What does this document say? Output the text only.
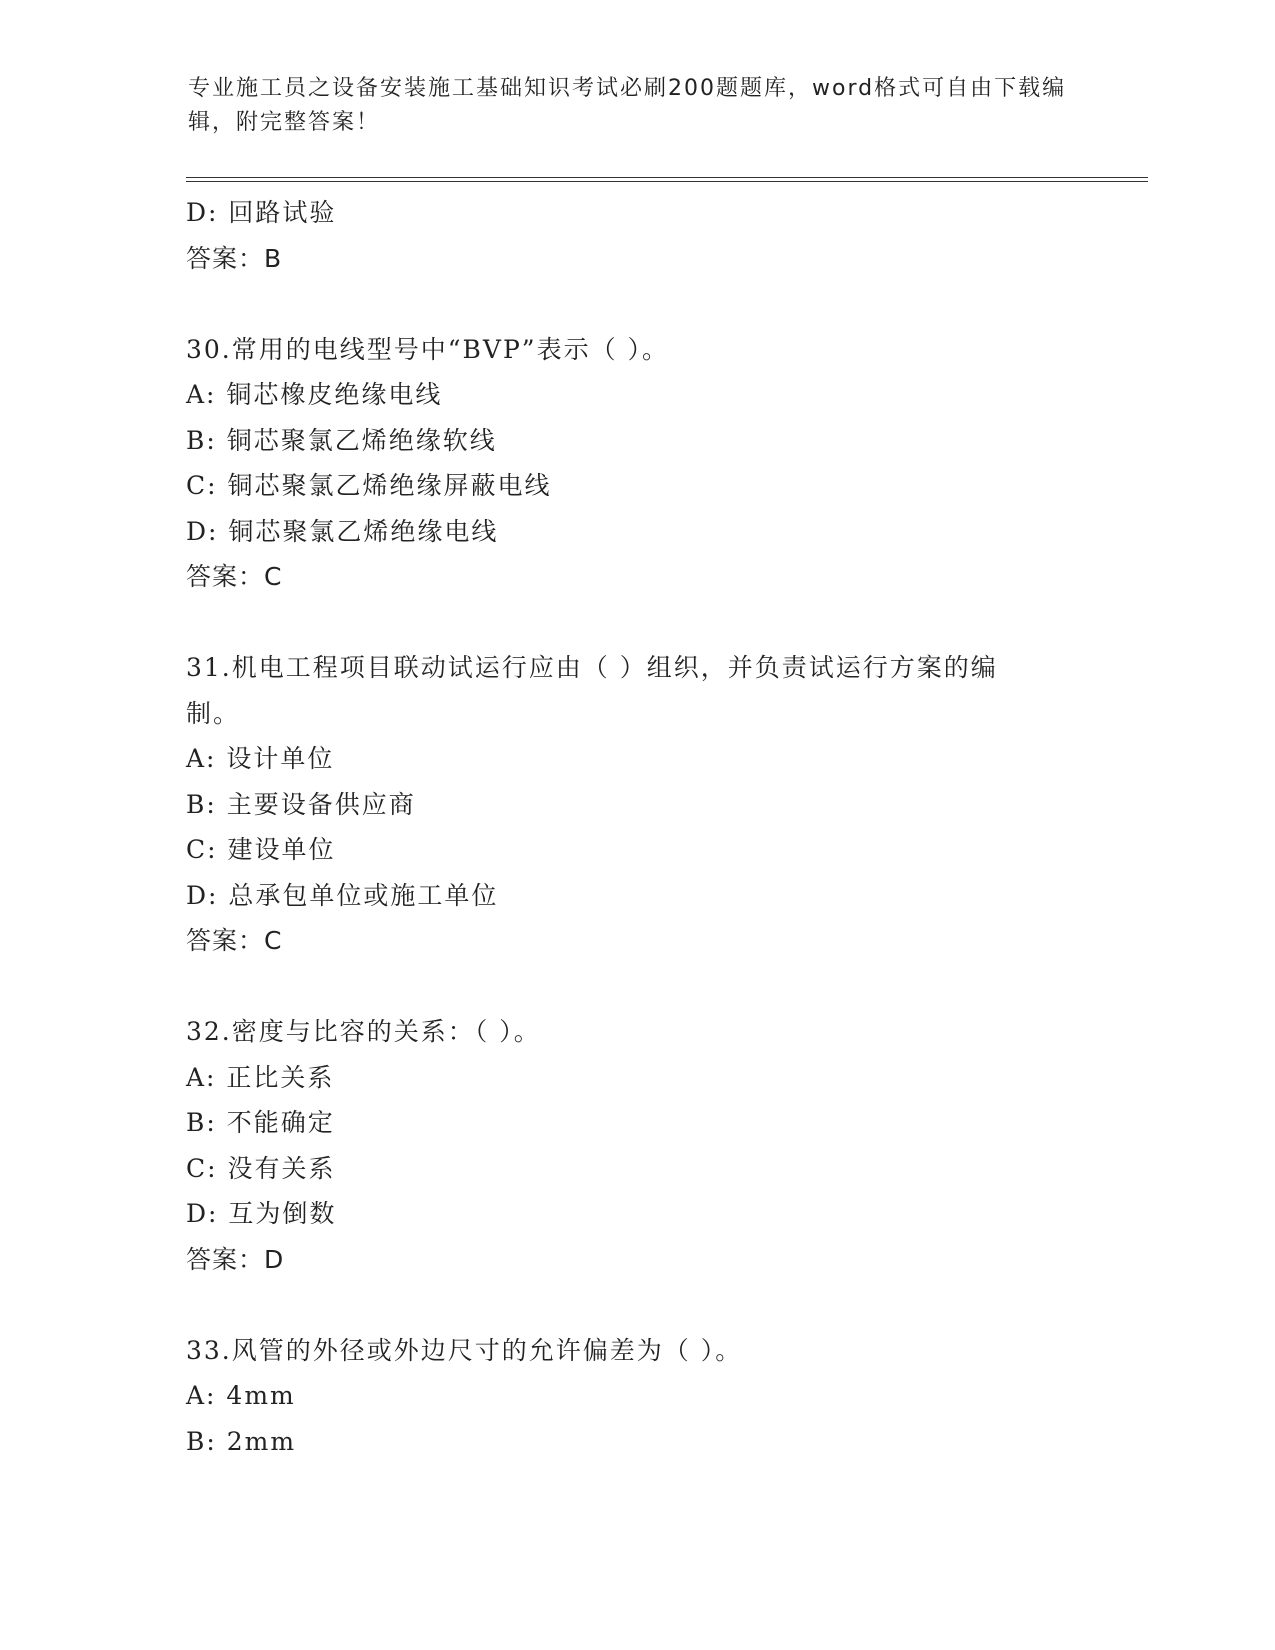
专业施工员之设备安装施工基础知识考试必刷200题题库，word格式可自由下载编辑，附完整答案！
D: 回路试验
答案：B
30.常用的电线型号中“BVP”表示（ ）。
A: 铜芯橡皮绝缘电线
B: 铜芯聚氯乙烯绝缘软线
C: 铜芯聚氯乙烯绝缘屏蔽电线
D: 铜芯聚氯乙烯绝缘电线
答案：C
31.机电工程项目联动试运行应由（ ）组织，并负责试运行方案的编
制。
A: 设计单位
B: 主要设备供应商
C: 建设单位
D: 总承包单位或施工单位
答案：C
32.密度与比容的关系：（ ）。
A: 正比关系
B: 不能确定
C: 没有关系
D: 互为倒数
答案：D
33.风管的外径或外边尺寸的允许偏差为（ ）。
A: 4mm
B: 2mm
